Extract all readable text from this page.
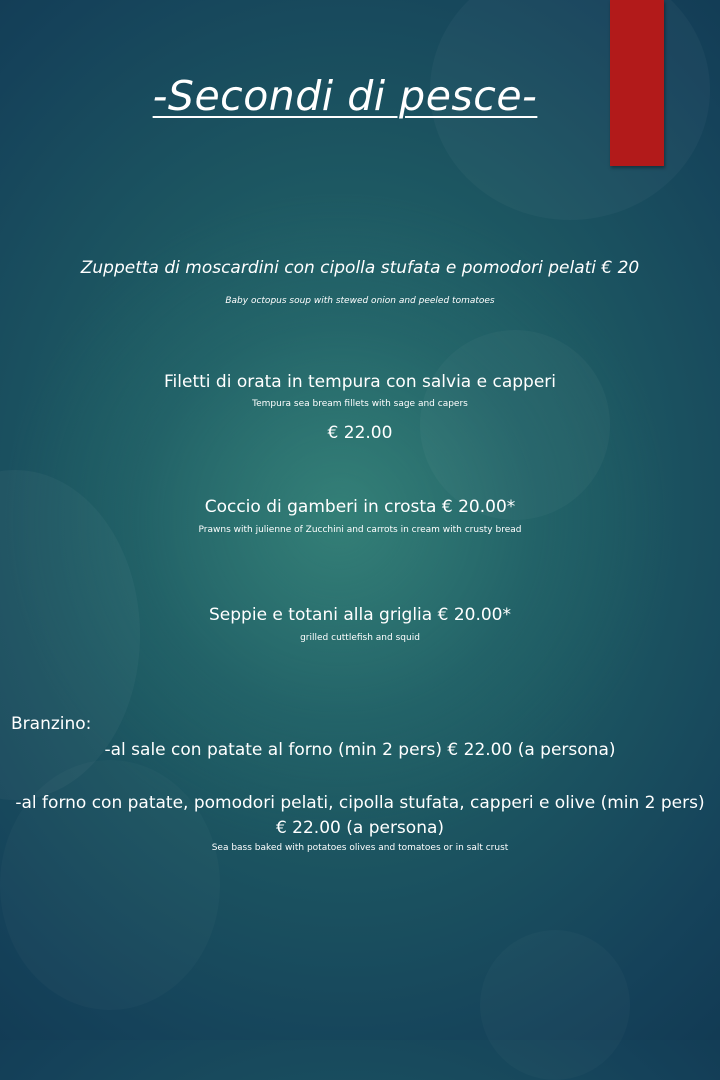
-Secondi di pesce-
Zuppetta di moscardini con cipolla stufata e pomodori pelati € 20
Baby octopus soup with stewed onion and peeled tomatoes
Filetti di orata in tempura con salvia e capperi
Tempura sea bream fillets with sage and capers
€ 22.00
Coccio di gamberi in crosta € 20.00*
Prawns with julienne of Zucchini and carrots in cream with crusty bread
Seppie e totani alla griglia € 20.00*
grilled cuttlefish and squid
Branzino:
-al sale con patate al forno (min 2 pers) € 22.00 (a persona)
-al forno con patate, pomodori pelati, cipolla stufata, capperi e olive (min 2 pers)
€ 22.00 (a persona)
Sea bass baked with potatoes olives and tomatoes or in salt crust
